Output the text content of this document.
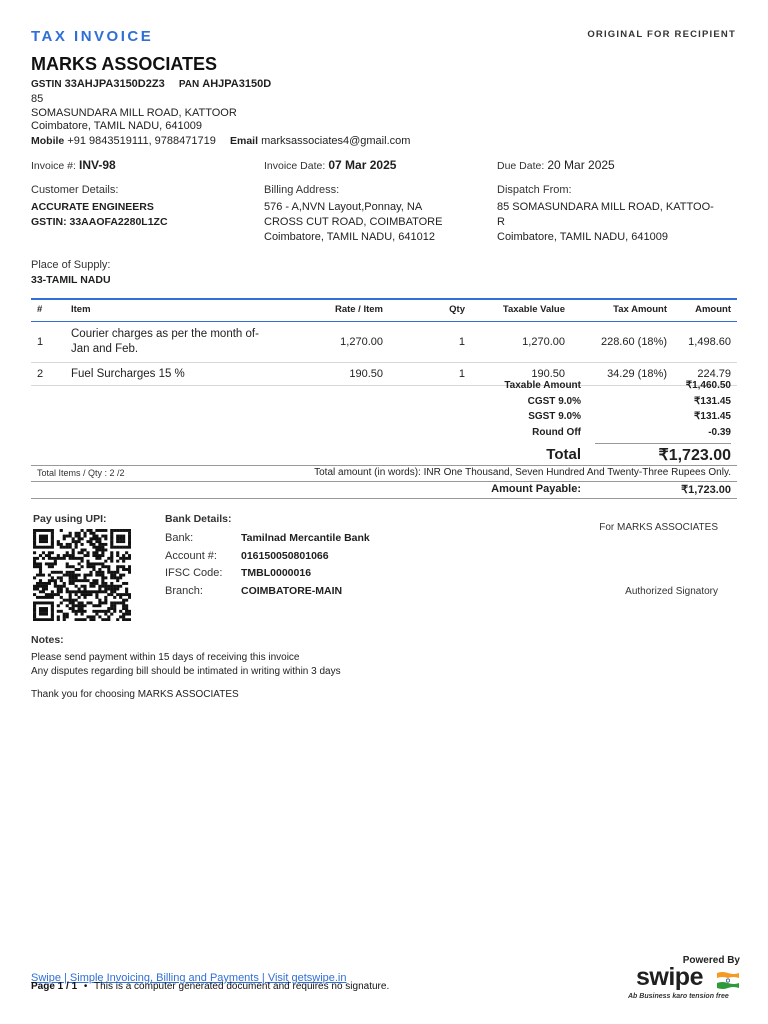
TAX INVOICE	ORIGINAL FOR RECIPIENT
MARKS ASSOCIATES
GSTIN 33AHJPA3150D2Z3 PAN AHJPA3150D
85
SOMASUNDARA MILL ROAD, KATTOOR
Coimbatore, TAMIL NADU, 641009
Mobile +91 9843519111, 9788471719 Email marksassociates4@gmail.com
Invoice #: INV-98	Invoice Date: 07 Mar 2025	Due Date: 20 Mar 2025
Customer Details:
ACCURATE ENGINEERS
GSTIN: 33AAOFA2280L1ZC
Billing Address:
576 - A,NVN Layout,Ponnay, NA
CROSS CUT ROAD, COIMBATORE
Coimbatore, TAMIL NADU, 641012
Dispatch From:
85 SOMASUNDARA MILL ROAD, KATTOO-
R
Coimbatore, TAMIL NADU, 641009
Place of Supply:
33-TAMIL NADU
#	Item	Rate / Item	Qty	Taxable Value	Tax Amount	Amount
1	Courier charges as per the month of-
Jan and Feb.	1,270.00	1	1,270.00	228.60 (18%)	1,498.60
2	Fuel Surcharges 15 %	190.50	1	190.50	34.29 (18%)	224.79
Taxable Amount	₹1,460.50
CGST 9.0%	₹131.45
SGST 9.0%	₹131.45
Round Off	-0.39
Total	₹1,723.00
Total Items / Qty : 2 /2	Total amount (in words): INR One Thousand, Seven Hundred And Twenty-Three Rupees Only.
Amount Payable:	₹1,723.00
Pay using UPI:	Bank Details:
Bank:	Tamilnad Mercantile Bank
Account #:	016150050801066
IFSC Code:	TMBL0000016
Branch:	COIMBATORE-MAIN
For MARKS ASSOCIATES
Authorized Signatory
Notes:
Please send payment within 15 days of receiving this invoice
Any disputes regarding bill should be intimated in writing within 3 days
Thank you for choosing MARKS ASSOCIATES
Swipe | Simple Invoicing, Billing and Payments | Visit getswipe.in
Page 1 / 1 • This is a computer generated document and requires no signature.
Powered By
swipe
Ab Business karo tension free
